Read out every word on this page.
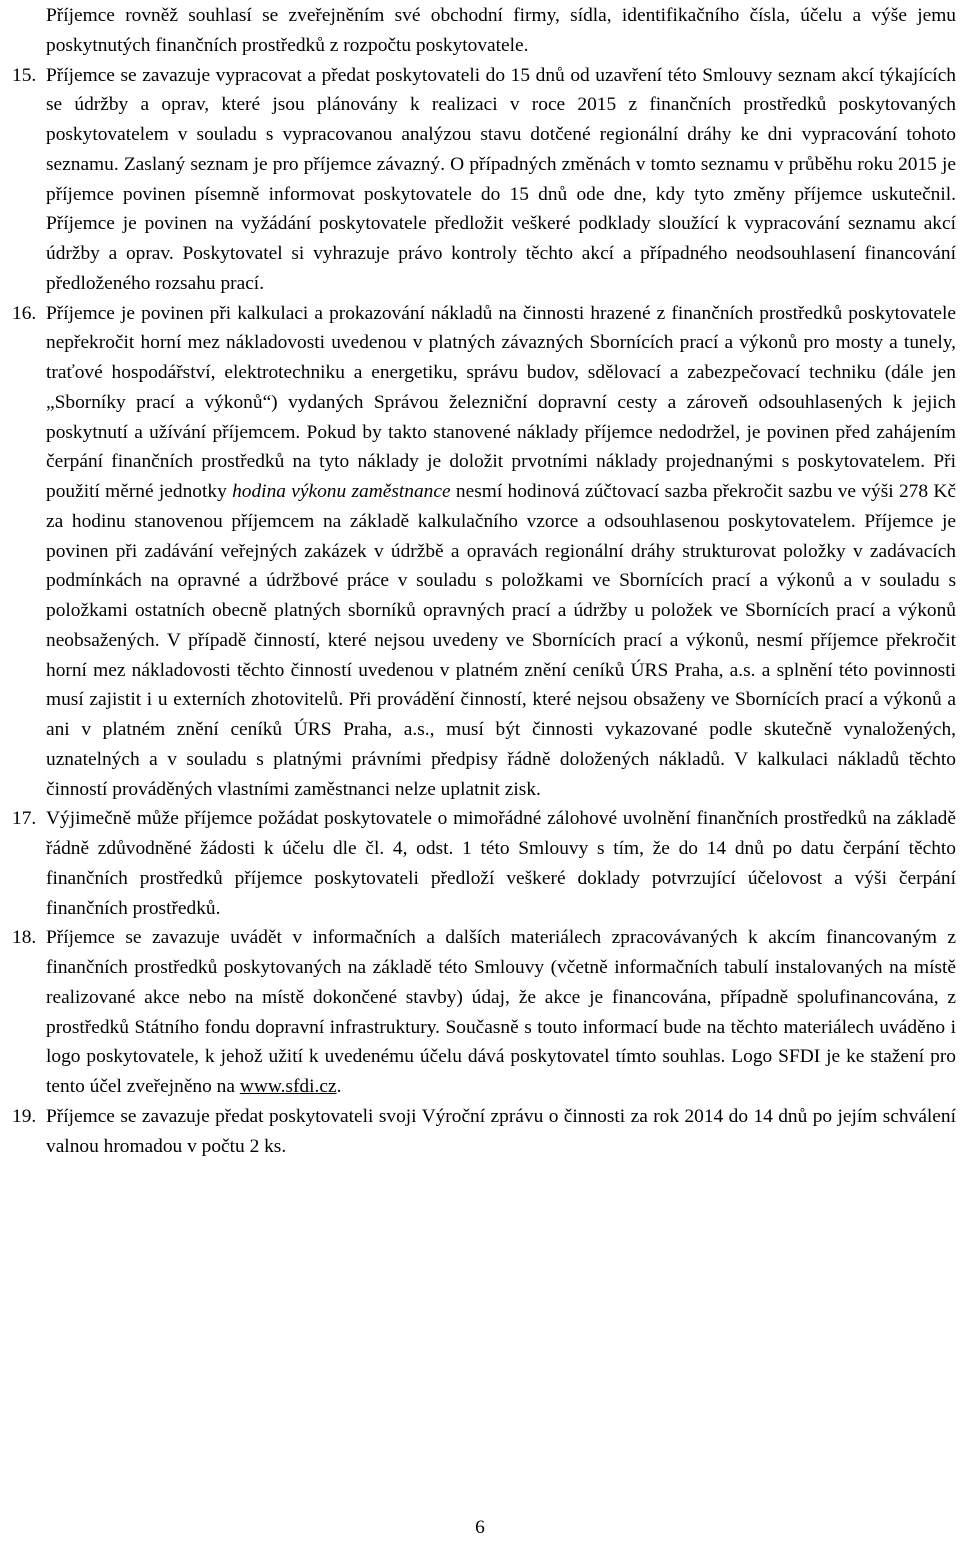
Příjemce rovněž souhlasí se zveřejněním své obchodní firmy, sídla, identifikačního čísla, účelu a výše jemu poskytnutých finančních prostředků z rozpočtu poskytovatele.

15. Příjemce se zavazuje vypracovat a předat poskytovateli do 15 dnů od uzavření této Smlouvy seznam akcí týkajících se údržby a oprav, které jsou plánovány k realizaci v roce 2015 z finančních prostředků poskytovaných poskytovatelem v souladu s vypracovanou analýzou stavu dotčené regionální dráhy ke dni vypracování tohoto seznamu. Zaslaný seznam je pro příjemce závazný. O případných změnách v tomto seznamu v průběhu roku 2015 je příjemce povinen písemně informovat poskytovatele do 15 dnů ode dne, kdy tyto změny příjemce uskutečnil. Příjemce je povinen na vyžádání poskytovatele předložit veškeré podklady sloužící k vypracování seznamu akcí údržby a oprav. Poskytovatel si vyhrazuje právo kontroly těchto akcí a případného neodsouhlasení financování předloženého rozsahu prací.
16. Příjemce je povinen při kalkulaci a prokazování nákladů na činnosti hrazené z finančních prostředků poskytovatele nepřekročit horní mez nákladovosti uvedenou v platných závazných Sbornících prací a výkonů pro mosty a tunely, traťové hospodářství, elektrotechniku a energetiku, správu budov, sdělovací a zabezpečovací techniku (dále jen „Sborníky prací a výkonů“) vydaných Správou železniční dopravní cesty a zároveň odsouhlasených k jejich poskytnutí a užívání příjemcem. Pokud by takto stanovené náklady příjemce nedodržel, je povinen před zahájením čerpání finančních prostředků na tyto náklady je doložit prvotními náklady projednanými s poskytovatelem. Při použití měrné jednotky hodina výkonu zaměstnance nesmí hodinová zúčtovací sazba překročit sazbu ve výši 278 Kč za hodinu stanovenou příjemcem na základě kalkulačního vzorce a odsouhlasenou poskytovatelem. Příjemce je povinen při zadávání veřejných zakázek v údržbě a opravách regionální dráhy strukturovat položky v zadávacích podmínkách na opravné a údržbové práce v souladu s položkami ve Sbornících prací a výkonů a v souladu s položkami ostatních obecně platných sborníků opravných prací a údržby u položek ve Sbornících prací a výkonů neobsažených. V případě činností, které nejsou uvedeny ve Sbornících prací a výkonů, nesmí příjemce překročit horní mez nákladovosti těchto činností uvedenou v platném znění ceníků ÚRS Praha, a.s. a splnění této povinnosti musí zajistit i u externích zhotovitelů. Při provádění činností, které nejsou obsaženy ve Sbornících prací a výkonů a ani v platném znění ceníků ÚRS Praha, a.s., musí být činnosti vykazované podle skutečně vynaložených, uznatelných a v souladu s platnými právními předpisy řádně doložených nákladů. V kalkulaci nákladů těchto činností prováděných vlastními zaměstnanci nelze uplatnit zisk.
17. Výjimečně může příjemce požádat poskytovatele o mimořádné zálohové uvolnění finančních prostředků na základě řádně zdůvodněné žádosti k účelu dle čl. 4, odst. 1 této Smlouvy s tím, že do 14 dnů po datu čerpání těchto finančních prostředků příjemce poskytovateli předloží veškeré doklady potvrzující účelovost a výši čerpání finančních prostředků.
18. Příjemce se zavazuje uvádět v informačních a dalších materiálech zpracovávaných k akcím financovaným z finančních prostředků poskytovaných na základě této Smlouvy (včetně informačních tabulí instalovaných na místě realizované akce nebo na místě dokončené stavby) údaj, že akce je financována, případně spolufinancována, z prostředků Státního fondu dopravní infrastruktury. Současně s touto informací bude na těchto materiálech uváděno i logo poskytovatele, k jehož užití k uvedenému účelu dává poskytovatel tímto souhlas. Logo SFDI je ke stažení pro tento účel zveřejněno na www.sfdi.cz.
19. Příjemce se zavazuje předat poskytovateli svoji Výroční zprávu o činnosti za rok 2014 do 14 dnů po jejím schválení valnou hromadou v počtu 2 ks.
6
